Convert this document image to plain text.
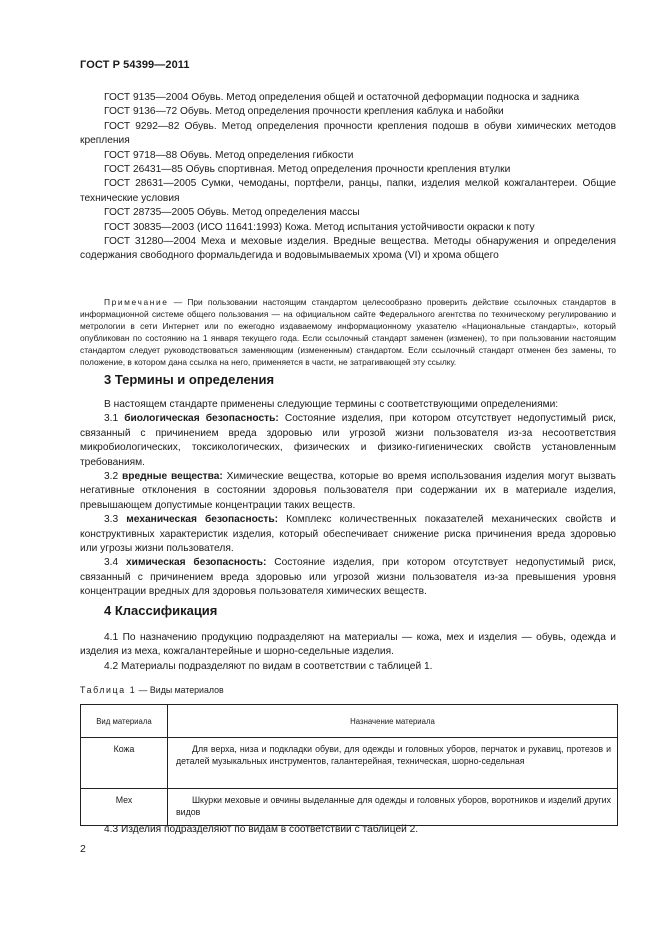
ГОСТ Р 54399—2011

ГОСТ 9135—2004 Обувь. Метод определения общей и остаточной деформации подноска и задника

ГОСТ 9136—72 Обувь. Метод определения прочности крепления каблука и набойки

ГОСТ 9292—82 Обувь. Метод определения прочности крепления подошв в обуви химических методов крепления

ГОСТ 9718—88 Обувь. Метод определения гибкости

ГОСТ 26431—85 Обувь спортивная. Метод определения прочности крепления втулки

ГОСТ 28631—2005 Сумки, чемоданы, портфели, ранцы, папки, изделия мелкой кожгалантереи. Общие технические условия

ГОСТ 28735—2005 Обувь. Метод определения массы

ГОСТ 30835—2003 (ИСО 11641:1993) Кожа. Метод испытания устойчивости окраски к поту

ГОСТ 31280—2004 Меха и меховые изделия. Вредные вещества. Методы обнаружения и определения содержания свободного формальдегида и водовымываемых хрома (VI) и хрома общего

Примечание — При пользовании настоящим стандартом целесообразно проверить действие ссылочных стандартов в информационной системе общего пользования — на официальном сайте Федерального агентства по техническому регулированию и метрологии в сети Интернет или по ежегодно издаваемому информационному указателю «Национальные стандарты», который опубликован по состоянию на 1 января текущего года. Если ссылочный стандарт заменен (изменен), то при пользовании настоящим стандартом следует руководствоваться заменяющим (измененным) стандартом. Если ссылочный стандарт отменен без замены, то положение, в котором дана ссылка на него, применяется в части, не затрагивающей эту ссылку.

3 Термины и определения

В настоящем стандарте применены следующие термины с соответствующими определениями:

3.1 биологическая безопасность: Состояние изделия, при котором отсутствует недопустимый риск, связанный с причинением вреда здоровью или угрозой жизни пользователя из-за несоответствия микробиологических, токсикологических, физических и физико-гигиенических свойств установленным требованиям.

3.2 вредные вещества: Химические вещества, которые во время использования изделия могут вызвать негативные отклонения в состоянии здоровья пользователя при содержании их в материале изделия, превышающем допустимые концентрации таких веществ.

3.3 механическая безопасность: Комплекс количественных показателей механических свойств и конструктивных характеристик изделия, который обеспечивает снижение риска причинения вреда здоровью или угрозы жизни пользователя.

3.4 химическая безопасность: Состояние изделия, при котором отсутствует недопустимый риск, связанный с причинением вреда здоровью или угрозой жизни пользователя из-за превышения уровня концентрации вредных для здоровья пользователя химических веществ.

4 Классификация

4.1 По назначению продукцию подразделяют на материалы — кожа, мех и изделия — обувь, одежда и изделия из меха, кожгалантерейные и шорно-седельные изделия.

4.2 Материалы подразделяют по видам в соответствии с таблицей 1.

Таблица 1 — Виды материалов
Вид материала	Назначение материала
Кожа	Для верха, низа и подкладки обуви, для одежды и головных уборов, перчаток и рукавиц, протезов и деталей музыкальных инструментов, галантерейная, техническая, шорно-седельная

Мех	Шкурки меховые и овчины выделанные для одежды и головных уборов, воротников и изделий других видов

4.3 Изделия подразделяют по видам в соответствии с таблицей 2.

2
